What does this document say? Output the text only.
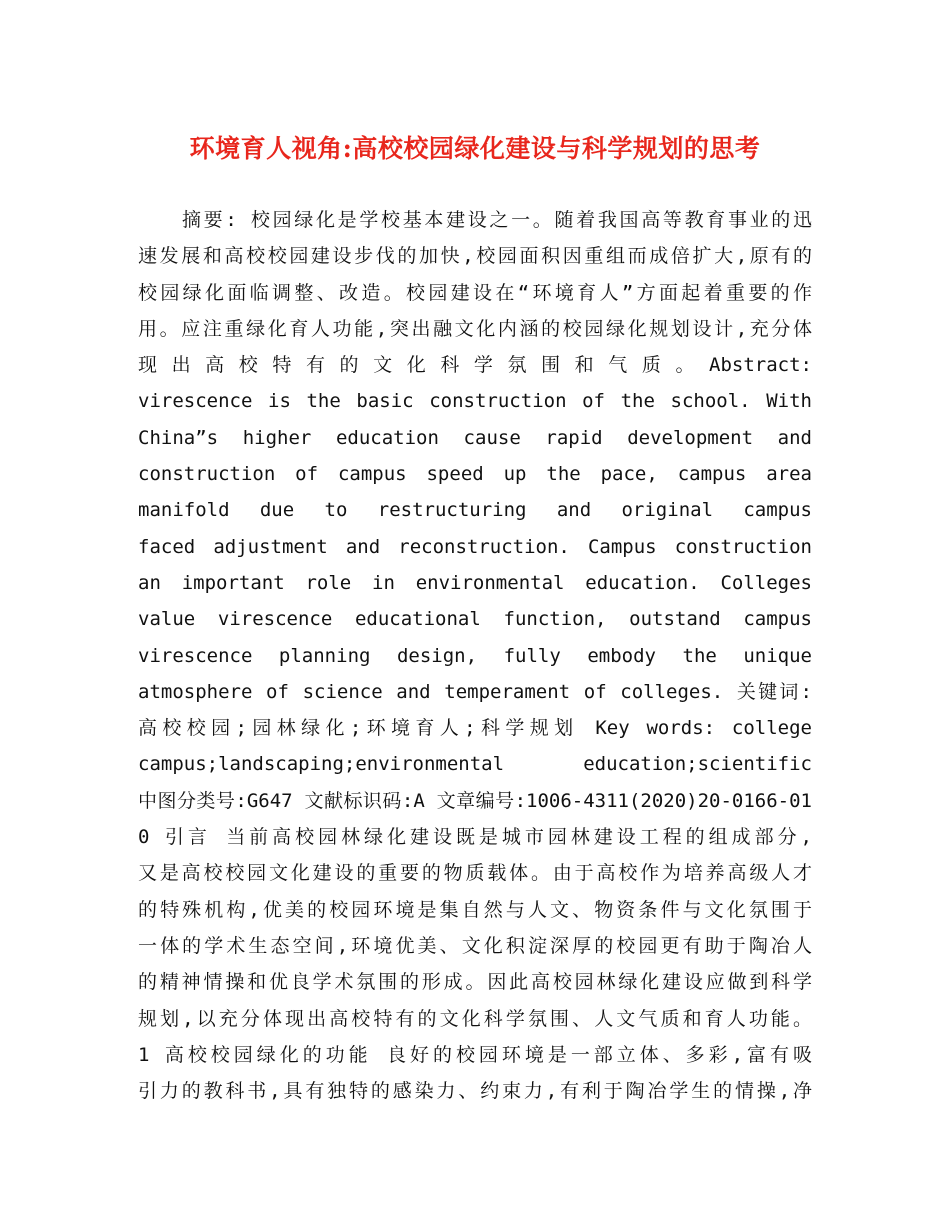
环境育人视角:高校校园绿化建设与科学规划的思考
摘要: 校园绿化是学校基本建设之一。随着我国高等教育事业的迅
速发展和高校校园建设步伐的加快,校园面积因重组而成倍扩大,原有的
校园绿化面临调整、改造。校园建设在“环境育人”方面起着重要的作
用。应注重绿化育人功能,突出融文化内涵的校园绿化规划设计,充分体
现 出 高 校 特 有 的 文 化 科 学 氛 围 和 气 质 。 Abstract:
virescence is the basic construction of the school. With
China”s higher education cause rapid development and
construction of campus speed up the pace, campus area
manifold due to restructuring and original campus
faced adjustment and reconstruction. Campus construction
an important role in environmental education. Colleges
value virescence educational function, outstand campus
virescence planning design, fully embody the unique
atmosphere of science and temperament of colleges. 关键词:
高校校园;园林绿化;环境育人;科学规划 Key words: college
campus;landscaping;environmental education;scientific
中图分类号:G647 文献标识码:A 文章编号:1006-4311(2020)20-0166-01
0 引言 当前高校园林绿化建设既是城市园林建设工程的组成部分,
又是高校校园文化建设的重要的物质载体。由于高校作为培养高级人才
的特殊机构,优美的校园环境是集自然与人文、物资条件与文化氛围于
一体的学术生态空间,环境优美、文化积淀深厚的校园更有助于陶冶人
的精神情操和优良学术氛围的形成。因此高校园林绿化建设应做到科学
规划,以充分体现出高校特有的文化科学氛围、人文气质和育人功能。
1 高校校园绿化的功能 良好的校园环境是一部立体、多彩,富有吸
引力的教科书,具有独特的感染力、约束力,有利于陶冶学生的情操,净
